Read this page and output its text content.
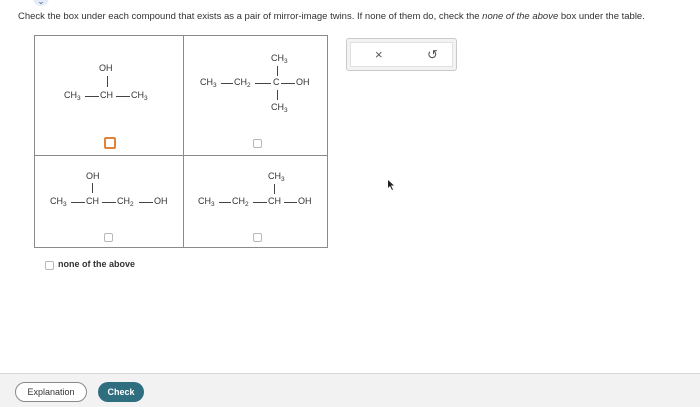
⌄
Check the box under each compound that exists as a pair of mirror-image twins. If none of them do, check the none of the above box under the table.
OH
$CH_3$ CH $CH_3$
$CH_3$
$CH_3$ $CH_2$ C OH
$CH_3$
OH
$CH_3$ CH $CH_2$ OH
$CH_3$
$CH_3$ $CH_2$ CH OH
none of the above
×	↺
Explanation	Check
